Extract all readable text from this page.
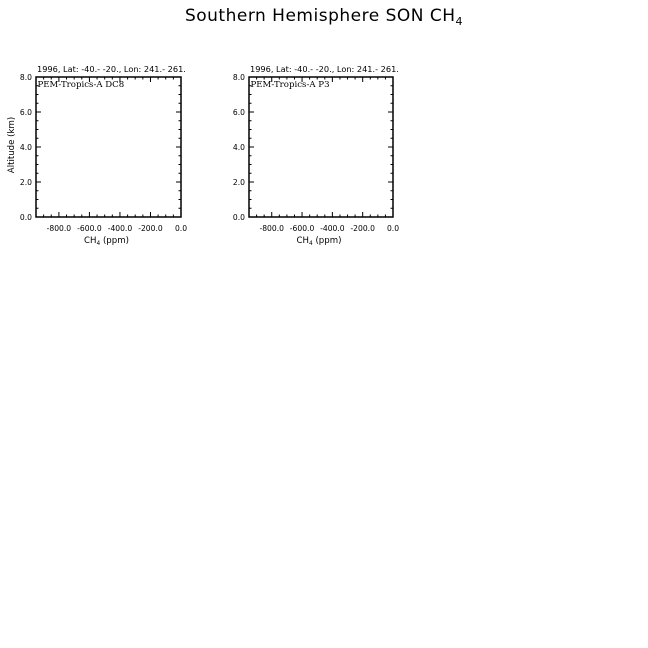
Southern Hemisphere SON $CH_4$
1996, Lat: -40.- -20., Lon: 241.- 261.
PEM-Tropics-A DC8
-800.0 -600.0 -400.0 -200.0 0.0
0.0
2.0
4.0
6.0
8.0
$CH_4$ (ppm)
Altitude (km)
1996, Lat: -40.- -20., Lon: 241.- 261.
PEM-Tropics-A P3
-800.0 -600.0 -400.0 -200.0 0.0
0.0
2.0
4.0
6.0
8.0
$CH_4$ (ppm)
